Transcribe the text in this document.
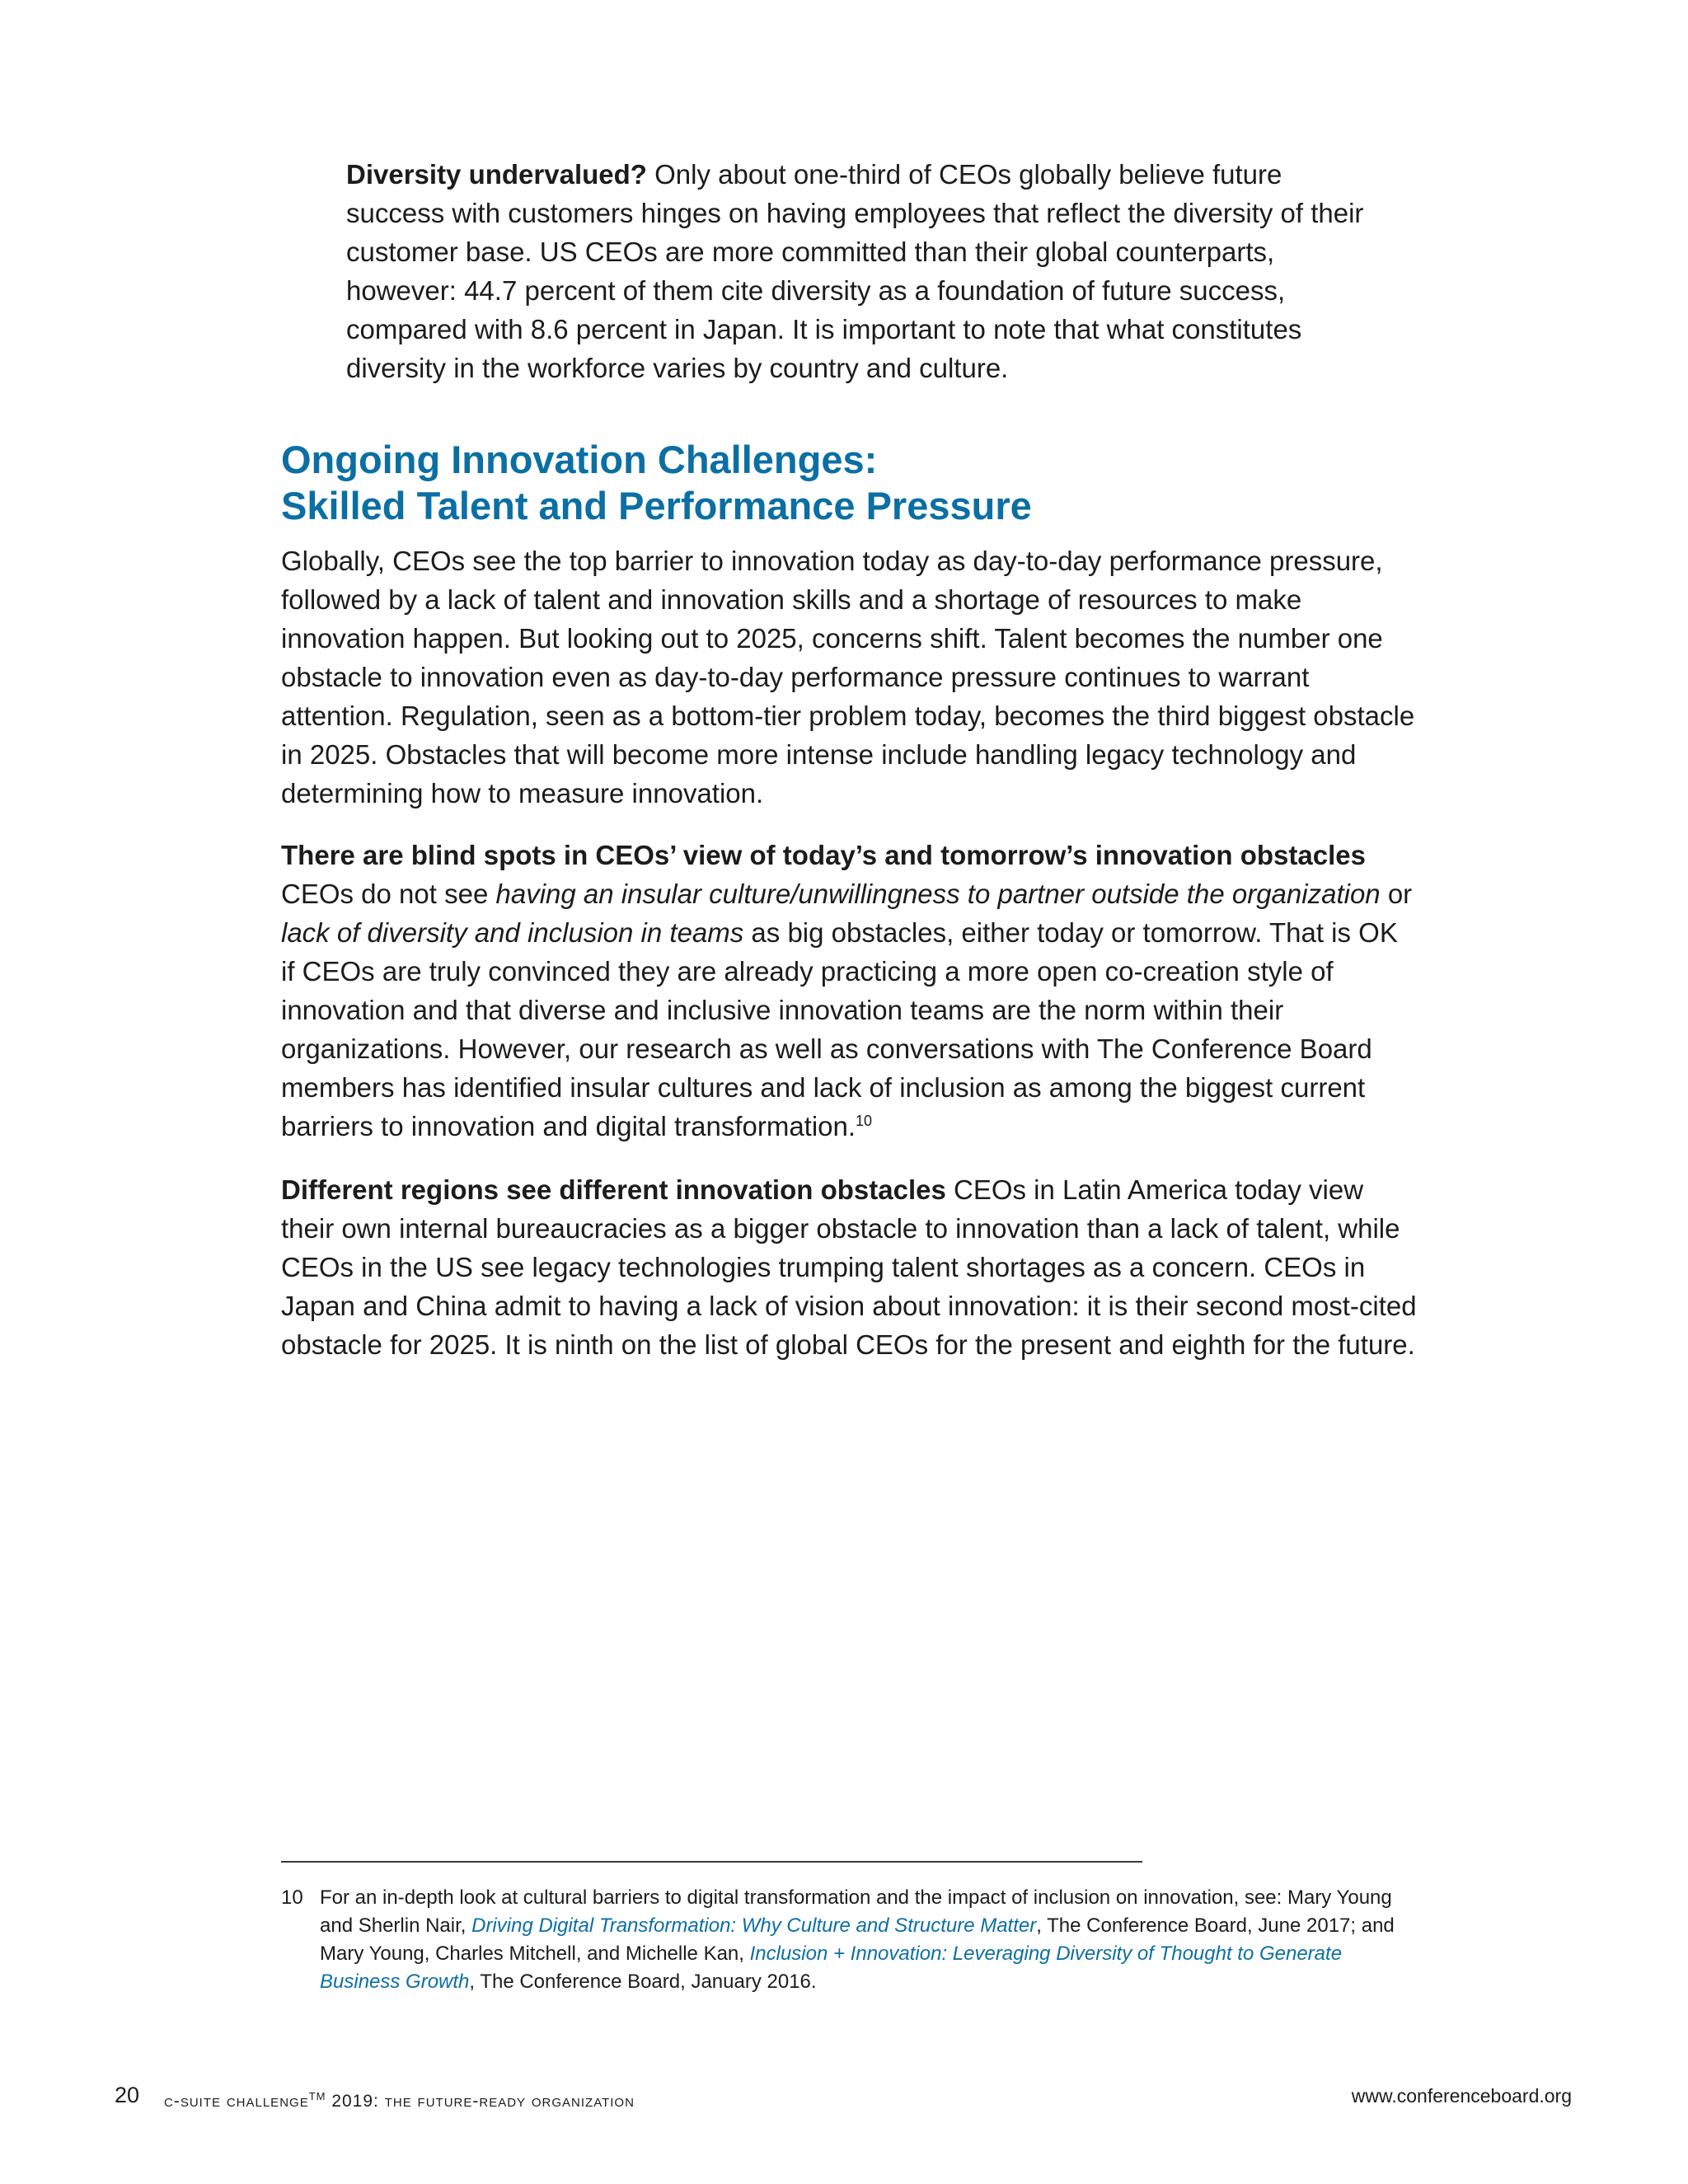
Diversity undervalued? Only about one-third of CEOs globally believe future success with customers hinges on having employees that reflect the diversity of their customer base. US CEOs are more committed than their global counterparts, however: 44.7 percent of them cite diversity as a foundation of future success, compared with 8.6 percent in Japan. It is important to note that what constitutes diversity in the workforce varies by country and culture.

Ongoing Innovation Challenges:
Skilled Talent and Performance Pressure

Globally, CEOs see the top barrier to innovation today as day-to-day performance pressure, followed by a lack of talent and innovation skills and a shortage of resources to make innovation happen. But looking out to 2025, concerns shift. Talent becomes the number one obstacle to innovation even as day-to-day performance pressure continues to warrant attention. Regulation, seen as a bottom-tier problem today, becomes the third biggest obstacle in 2025. Obstacles that will become more intense include handling legacy technology and determining how to measure innovation.

There are blind spots in CEOs’ view of today’s and tomorrow’s innovation obstacles CEOs do not see having an insular culture/unwillingness to partner outside the organization or lack of diversity and inclusion in teams as big obstacles, either today or tomorrow. That is OK if CEOs are truly convinced they are already practicing a more open co-creation style of innovation and that diverse and inclusive innovation teams are the norm within their organizations. However, our research as well as conversations with The Conference Board members has identified insular cultures and lack of inclusion as among the biggest current barriers to innovation and digital transformation.$^{10}$

Different regions see different innovation obstacles CEOs in Latin America today view their own internal bureaucracies as a bigger obstacle to innovation than a lack of talent, while CEOs in the US see legacy technologies trumping talent shortages as a concern. CEOs in Japan and China admit to having a lack of vision about innovation: it is their second most-cited obstacle for 2025. It is ninth on the list of global CEOs for the present and eighth for the future.

10 For an in-depth look at cultural barriers to digital transformation and the impact of inclusion on innovation, see: Mary Young and Sherlin Nair, Driving Digital Transformation: Why Culture and Structure Matter, The Conference Board, June 2017; and Mary Young, Charles Mitchell, and Michelle Kan, Inclusion + Innovation: Leveraging Diversity of Thought to Generate Business Growth, The Conference Board, January 2016.

20 c-suite challenge™ 2019: the future-ready organization	www.conferenceboard.org
